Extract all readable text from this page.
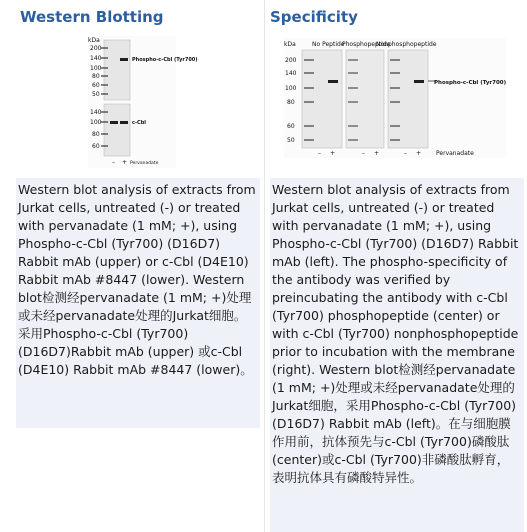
Western Blotting
kDa
200
140
100
80
60
50
Phospho-c-Cbl (Tyr700)
140
100
80
60
c-Cbl
– + Pervanadate
Western blot analysis of extracts from Jurkat cells, untreated (-) or treated with pervanadate (1 mM; +), using Phospho-c-Cbl (Tyr700) (D16D7) Rabbit mAb (upper) or c-Cbl (D4E10) Rabbit mAb #8447 (lower). Western blot检测经pervanadate (1 mM; +)处理或未经pervanadate处理的Jurkat细胞。采用Phospho-c-Cbl (Tyr700) (D16D7)Rabbit mAb (upper) 或c-Cbl (D4E10) Rabbit mAb #8447 (lower)。
Specificity
kDa	No Peptide
Phosphopeptide
Nonphosphopeptide
200
140
100
80
60
50
Phospho-c-Cbl (Tyr700)
– +	– +	– + Pervanadate
Western blot analysis of extracts from Jurkat cells, untreated (-) or treated with pervanadate (1 mM; +), using Phospho-c-Cbl (Tyr700) (D16D7) Rabbit mAb (left). The phospho-specificity of the antibody was verified by preincubating the antibody with c-Cbl (Tyr700) phosphopeptide (center) or with c-Cbl (Tyr700) nonphosphopeptide prior to incubation with the membrane (right). Western blot检测经pervanadate (1 mM; +)处理或未经pervanadate处理的Jurkat细胞，采用Phospho-c-Cbl (Tyr700) (D16D7) Rabbit mAb (left)。在与细胞膜作用前，抗体预先与c-Cbl (Tyr700)磷酸肽(center)或c-Cbl (Tyr700)非磷酸肽孵育，表明抗体具有磷酸特异性。
